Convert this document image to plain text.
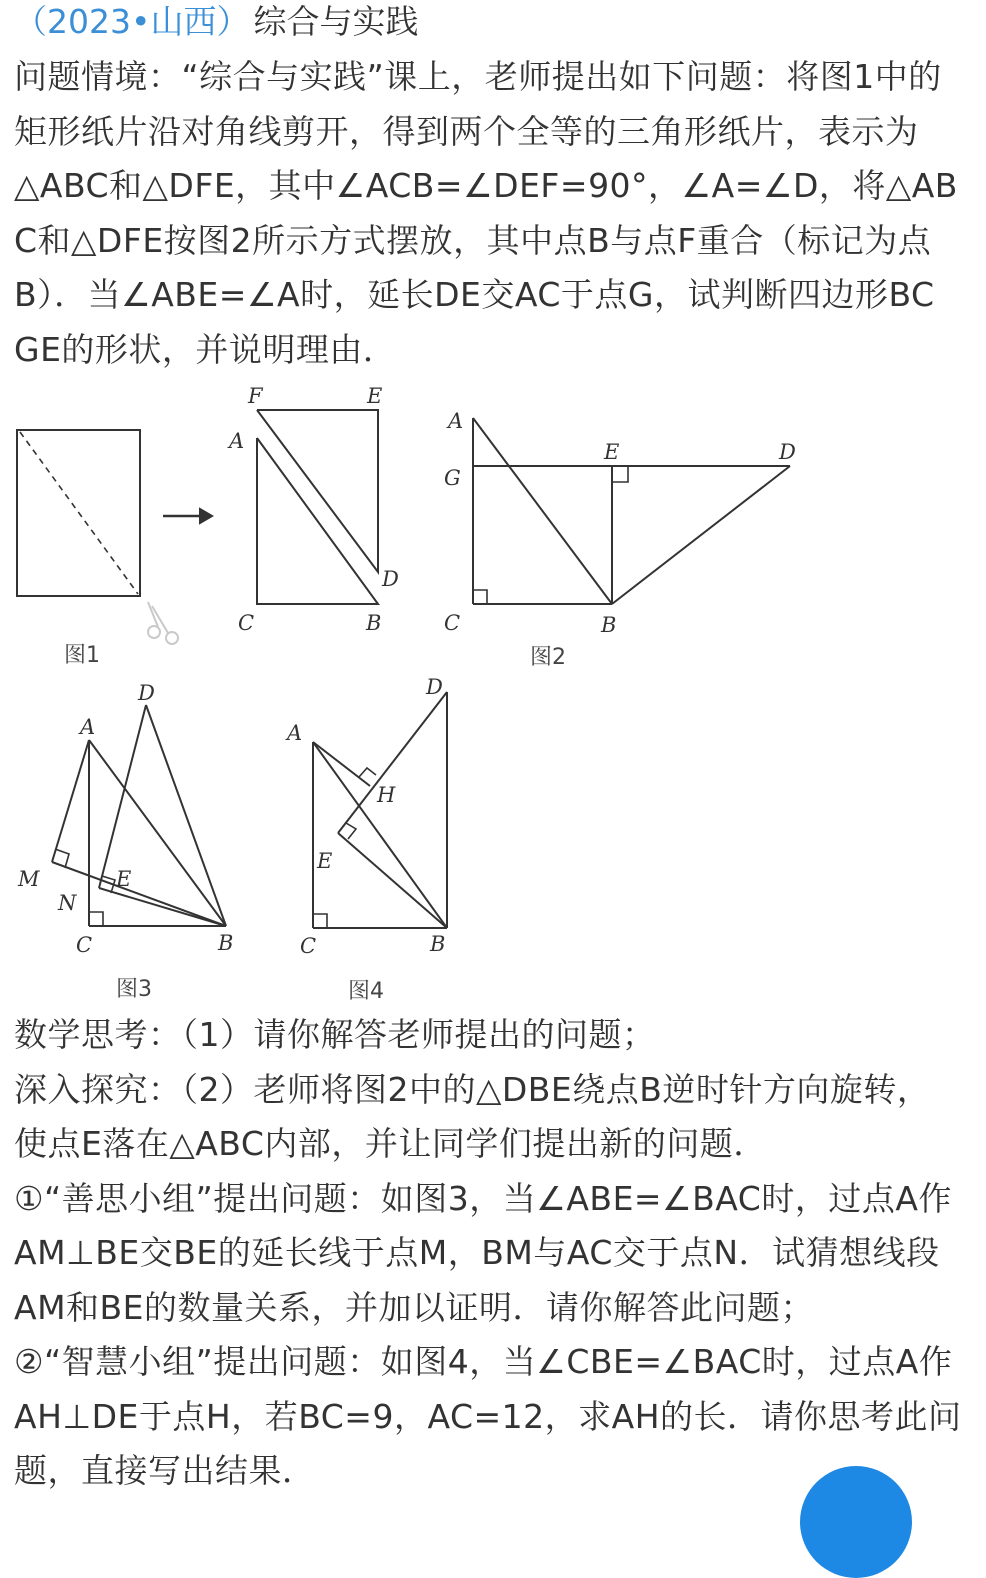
（2023•山西） 综合与实践
问题情境：“综合与实践”课上，老师提出如下问题：将图1中的
矩形纸片沿对角线剪开，得到两个全等的三角形纸片，表示为
△ABC和△DFE，其中∠ACB=∠DEF=90°，∠A=∠D，将△AB
C和△DFE按图2所示方式摆放，其中点B与点F重合（标记为点
B）．当∠ABE=∠A时，延长DE交AC于点G，试判断四边形BC
GE的形状，并说明理由．
图1
F	E
A
D
C	B
A
E	D
G
C	B
图2
D
A
M	E
N
C	B
图3
D
A
H
E
C	B
图4
数学思考：（1）请你解答老师提出的问题；
深入探究：（2）老师将图2中的△DBE绕点B逆时针方向旋转，
使点E落在△ABC内部，并让同学们提出新的问题．
①“善思小组”提出问题：如图3，当∠ABE=∠BAC时，过点A作
AM⊥BE交BE的延长线于点M，BM与AC交于点N．试猜想线段
AM和BE的数量关系，并加以证明．请你解答此问题；
②“智慧小组”提出问题：如图4，当∠CBE=∠BAC时，过点A作
AH⊥DE于点H，若BC=9，AC=12，求AH的长．请你思考此问
题，直接写出结果．
